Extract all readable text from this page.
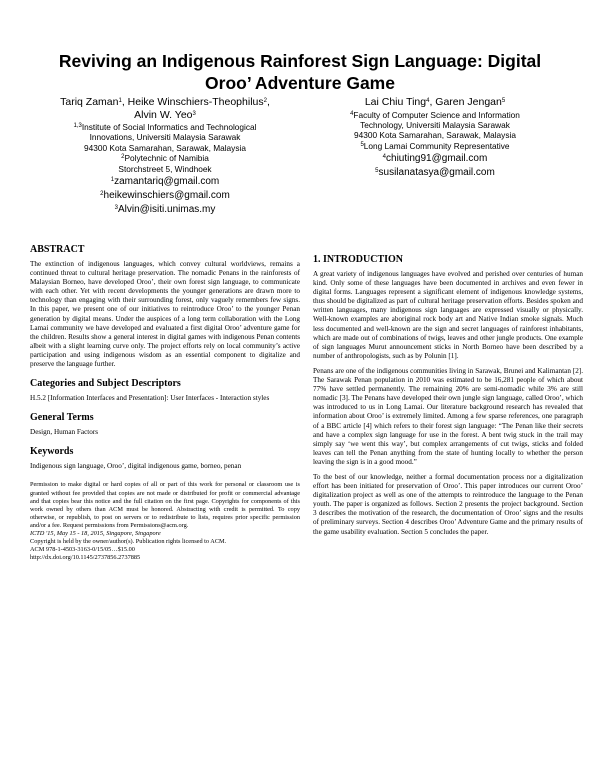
Reviving an Indigenous Rainforest Sign Language: Digital
Oroo’ Adventure Game
Tariq Zaman$^1$, Heike Winschiers-Theophilus$^2$,
Alvin W. Yeo$^3$
$^{1,3}$Institute of Social Informatics and Technological
Innovations, Universiti Malaysia Sarawak
94300 Kota Samarahan, Sarawak, Malaysia
$^2$Polytechnic of Namibia
Storchstreet 5, Windhoek
$^1$zamantariq@gmail.com
$^2$heikewinschiers@gmail.com
$^3$Alvin@isiti.unimas.my
Lai Chiu Ting$^4$, Garen Jengan$^5$
$^4$Faculty of Computer Science and Information
Technology, Universiti Malaysia Sarawak
94300 Kota Samarahan, Sarawak, Malaysia
$^5$Long Lamai Community Representative
$^4$chiuting91@gmail.com
$^5$susilanatasya@gmail.com
ABSTRACT

The extinction of indigenous languages, which convey cultural worldviews, remains a continued threat to cultural heritage preservation. The nomadic Penans in the rainforests of Malaysian Borneo, have developed Oroo’, their own forest sign language, to communicate with each other. Yet with recent developments the younger generations are drawn more to technology than engaging with their surrounding forest, only vaguely remembers few signs. In this paper, we present one of our initiatives to reintroduce Oroo’ to the younger Penan generation by digital means. Under the auspices of a long term collaboration with the Long Lamai community we have developed and evaluated a first digital Oroo’ adventure game for the children. Results show a general interest in digital games with indigenous Penan contents albeit with a slight learning curve only. The project efforts rely on local community’s active participation and using indigenous wisdom as an essential component to digitalize and preserve the language further.

Categories and Subject Descriptors

H.5.2 [Information Interfaces and Presentation]: User Interfaces - Interaction styles

General Terms

Design, Human Factors

Keywords

Indigenous sign language, Oroo’, digital indigenous game, borneo, penan

Permission to make digital or hard copies of all or part of this work for personal or classroom use is granted without fee provided that copies are not made or distributed for profit or commercial advantage and that copies bear this notice and the full citation on the first page. Copyrights for components of this work owned by others than ACM must be honored. Abstracting with credit is permitted. To copy otherwise, or republish, to post on servers or to redistribute to lists, requires prior specific permission and/or a fee. Request permissions from Permissions@acm.org.

ICTD '15, May 15 - 18, 2015, Singapore, Singapore
Copyright is held by the owner/author(s). Publication rights licensed to ACM.
ACM 978-1-4503-3163-0/15/05…$15.00
http://dx.doi.org/10.1145/2737856.2737885
1. INTRODUCTION

A great variety of indigenous languages have evolved and perished over centuries of human kind. Only some of these languages have been documented in archives and even fewer in digital forms. Languages represent a significant element of indigenous knowledge systems, thus should be digitalized as part of cultural heritage preservation efforts. Besides spoken and written languages, many indigenous sign languages are expressed visually or physically. Well-known examples are aboriginal rock body art and Native Indian smoke signals. Much less documented and well-known are the sign and secret languages of rainforest inhabitants, which are made out of combinations of twigs, leaves and other jungle products. One example of sign languages Murut announcement sticks in North Borneo have been described by a number of anthropologists, such as by Polunin [1].

Penans are one of the indigenous communities living in Sarawak, Brunei and Kalimantan [2]. The Sarawak Penan population in 2010 was estimated to be 16,281 people of which about 77% have settled permanently. The remaining 20% are semi-nomadic while 3% are still nomadic [3]. The Penans have developed their own jungle sign language, called Oroo’, which was introduced to us in Long Lamai. Our literature background research has revealed that information about Oroo’ is extremely limited. Among a few sparse references, one paragraph of a BBC article [4] which refers to their forest sign language: “The Penan like their secrets and have a complex sign language for use in the forest. A bent twig stuck in the trail may simply say ‘we went this way’, but complex arrangements of cut twigs, sticks and folded leaves can tell the Penan anything from the state of hunting locally to whether the person leaving the sign is in a good mood.”

To the best of our knowledge, neither a formal documentation process nor a digitalization effort has been initiated for preservation of Oroo’. This paper introduces our current Oroo’ digitalization project as well as one of the attempts to reintroduce the language to the Penan youth. The paper is organized as follows. Section 2 presents the project background. Section 3 describes the motivation of the research, the documentation of Oroo’ signs and the results of preliminary surveys. Section 4 describes Oroo’ Adventure Game and the primary results of the game usability evaluation. Section 5 concludes the paper.
